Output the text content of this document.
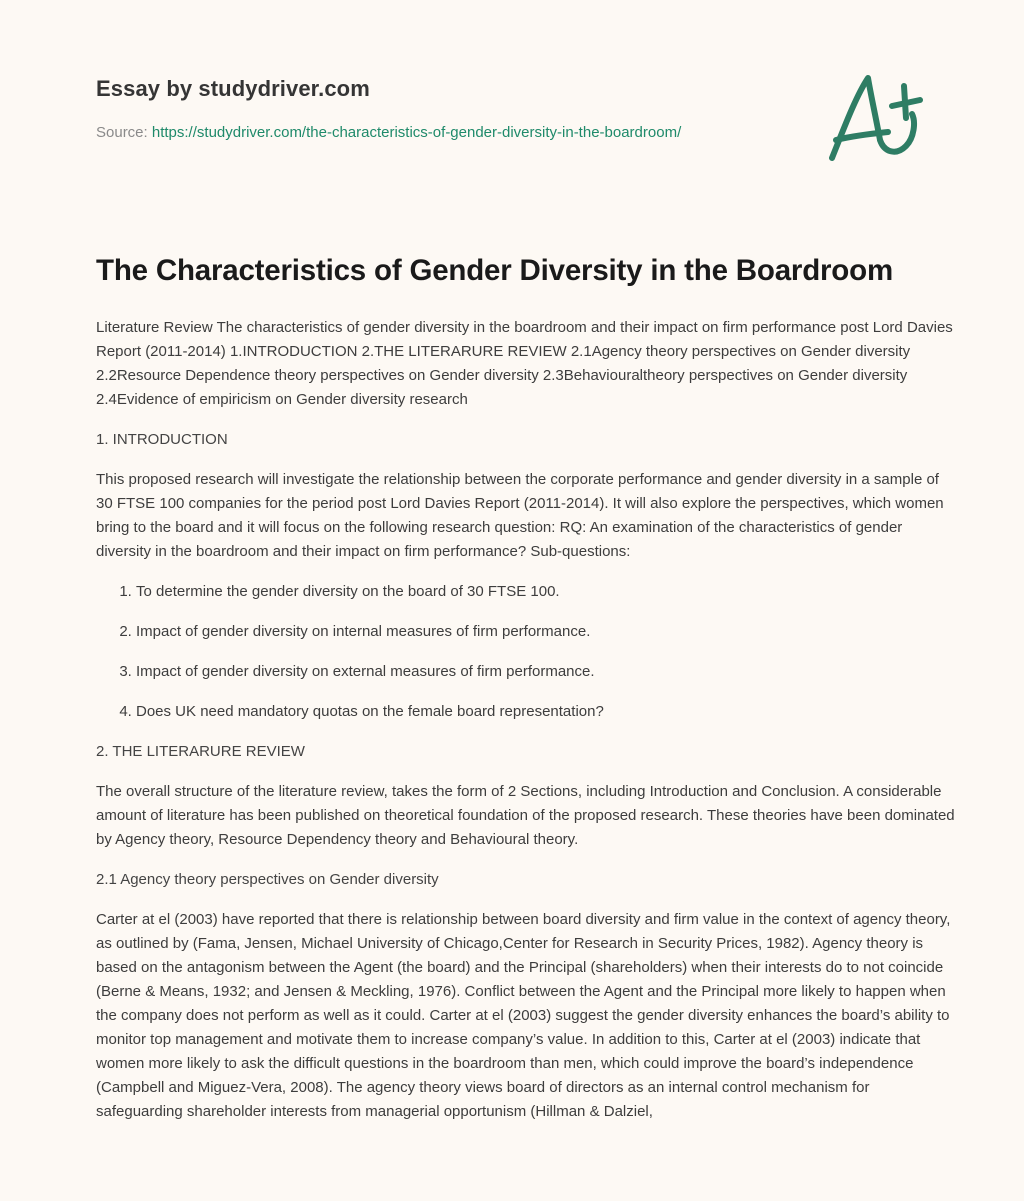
Essay by studydriver.com
Source: https://studydriver.com/the-characteristics-of-gender-diversity-in-the-boardroom/
The Characteristics of Gender Diversity in the Boardroom

Literature Review The characteristics of gender diversity in the boardroom and their impact on firm performance post Lord Davies Report (2011-2014) 1.INTRODUCTION 2.THE LITERARURE REVIEW 2.1Agency theory perspectives on Gender diversity 2.2Resource Dependence theory perspectives on Gender diversity 2.3Behaviouraltheory perspectives on Gender diversity 2.4Evidence of empiricism on Gender diversity research

1. INTRODUCTION

This proposed research will investigate the relationship between the corporate performance and gender diversity in a sample of 30 FTSE 100 companies for the period post Lord Davies Report (2011-2014). It will also explore the perspectives, which women bring to the board and it will focus on the following research question: RQ: An examination of the characteristics of gender diversity in the boardroom and their impact on firm performance? Sub-questions:

1. To determine the gender diversity on the board of 30 FTSE 100.
2. Impact of gender diversity on internal measures of firm performance.
3. Impact of gender diversity on external measures of firm performance.
4. Does UK need mandatory quotas on the female board representation?
2. THE LITERARURE REVIEW

The overall structure of the literature review, takes the form of 2 Sections, including Introduction and Conclusion. A considerable amount of literature has been published on theoretical foundation of the proposed research. These theories have been dominated by Agency theory, Resource Dependency theory and Behavioural theory.

2.1 Agency theory perspectives on Gender diversity

Carter at el (2003) have reported that there is relationship between board diversity and firm value in the context of agency theory, as outlined by (Fama, Jensen, Michael University of Chicago,Center for Research in Security Prices, 1982). Agency theory is based on the antagonism between the Agent (the board) and the Principal (shareholders) when their interests do to not coincide (Berne & Means, 1932; and Jensen & Meckling, 1976). Conflict between the Agent and the Principal more likely to happen when the company does not perform as well as it could. Carter at el (2003) suggest the gender diversity enhances the board’s ability to monitor top management and motivate them to increase company’s value. In addition to this, Carter at el (2003) indicate that women more likely to ask the difficult questions in the boardroom than men, which could improve the board’s independence (Campbell and Miguez-Vera, 2008). The agency theory views board of directors as an internal control mechanism for safeguarding shareholder interests from managerial opportunism (Hillman & Dalziel,
